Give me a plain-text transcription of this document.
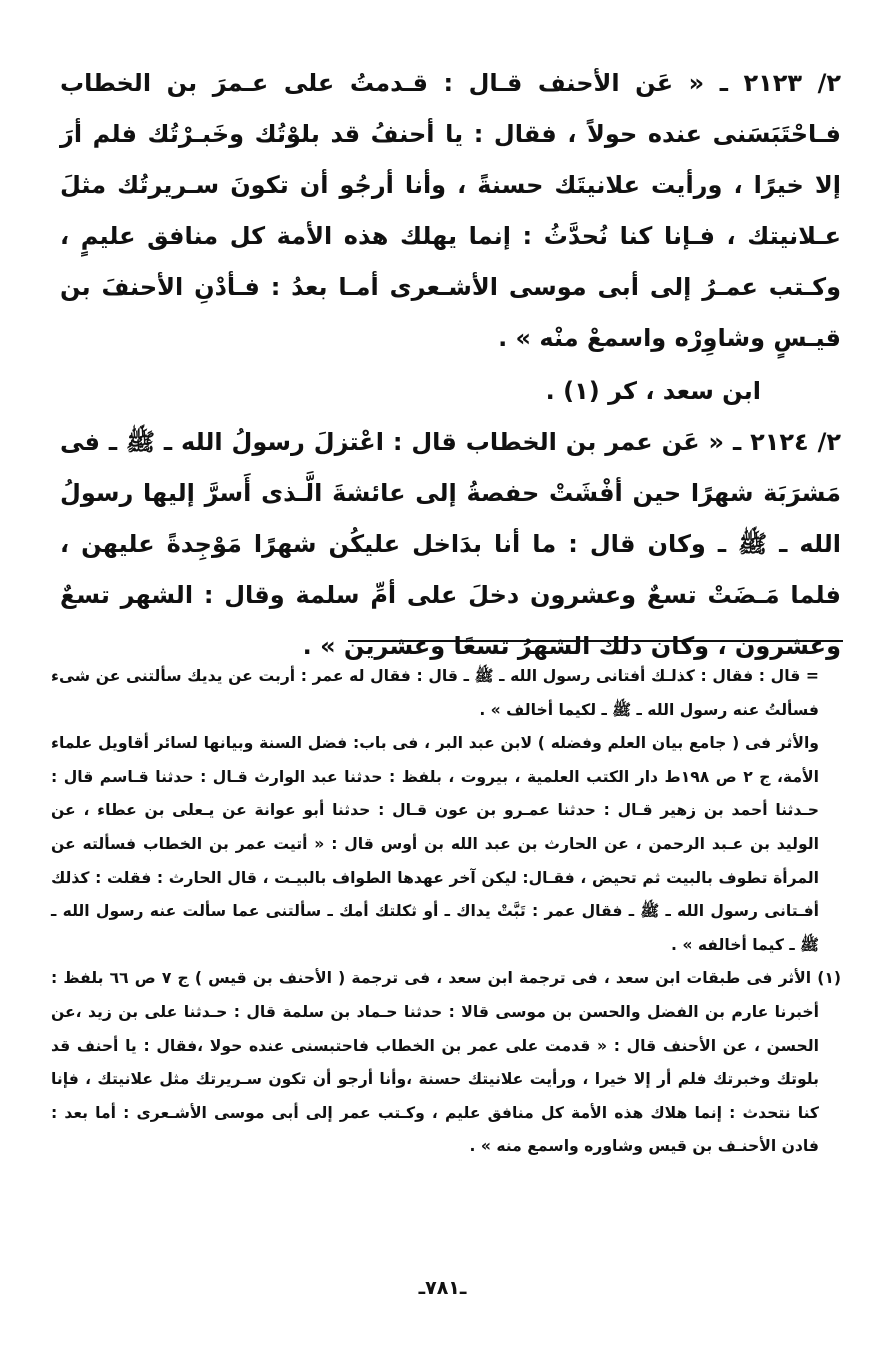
٢/ ٢١٢٣ ـ « عَن الأحنف قـال : قـدمتُ على عـمرَ بن الخطاب فـاحْتَبَسَنى عنده حولاً ، فقال : يا أحنفُ قد بلوْتُك وخَبـرْتُك فلم أرَ إلا خيرًا ، ورأيت علانيتَك حسنةً ، وأنا أرجُو أن تكونَ سـريرتُك مثلَ عـلانيتك ، فـإنا كنا نُحدَّثُ : إنما يهلك هذه الأمة كل منافق عليمٍ ، وكـتب عمـرُ إلى أبى موسى الأشـعرى أمـا بعدُ : فـأدْنِ الأحنفَ بن قيـسٍ وشاوِرْه واسمعْ منْه » .

ابن سعد ، كر (١) .

٢/ ٢١٢٤ ـ « عَن عمر بن الخطاب قال : اعْتزلَ رسولُ الله ـ ﷺ ـ فى مَشرَبَة شهرًا حين أفْشَتْ حفصةُ إلى عائشةَ الَّـذى أَسرَّ إليها رسولُ الله ـ ﷺ ـ وكان قال : ما أنا بدَاخل عليكُن شهرًا مَوْجِدةً عليهن ، فلما مَـضَتْ تسعٌ وعشرون دخلَ على أمِّ سلمة وقال : الشهر تسعٌ وعشرون ، وكان ذلك الشهرُ تسعًا وعشرين » .

= قال : فقال : كذلـك أفتانى رسول الله ـ ﷺ ـ قال : فقال له عمر : أربت عن يديك سألتنى عن شىء فسألتُ عنه رسول الله ـ ﷺ ـ لكيما أخالف » .

والأثر فى ( جامع بيان العلم وفضله ) لابن عبد البر ، فى باب: فضل السنة وبيانها لسائر أقاويل علماء الأمة، ج ٢ ص ١٩٨ط دار الكتب العلمية ، بيروت ، بلفظ : حدثنا عبد الوارث قـال : حدثنا قـاسم قال : حـدثنا أحمد بن زهير قـال : حدثنا عمـرو بن عون قـال : حدثنا أبو عوانة عن يـعلى بن عطاء ، عن الوليد بن عـبد الرحمن ، عن الحارث بن عبد الله بن أوس قال : « أتيت عمر بن الخطاب فسألته عن المرأة تطوف بالبيت ثم تحيض ، فقـال: ليكن آخر عهدها الطواف بالبيـت ، قال الحارث : فقلت : كذلك أفـتانى رسول الله ـ ﷺ ـ فقال عمر : تَبَّتْ يداك ـ أو ثكلتك أمك ـ سألتنى عما سألت عنه رسول الله ـ ﷺ ـ كيما أخالفه » .

(١) الأثر فى طبقات ابن سعد ، فى ترجمة ابن سعد ، فى ترجمة ( الأحنف بن قيس ) ج ٧ ص ٦٦ بلفظ : أخبرنا عارم بن الفضل والحسن بن موسى قالا : حدثنا حـماد بن سلمة قال : حـدثنا على بن زيد ،عن الحسن ، عن الأحنف قال : « قدمت على عمر بن الخطاب فاحتبسنى عنده حولا ،فقال : يا أحنف قد بلوتك وخبرتك فلم أر إلا خيرا ، ورأيت علانيتك حسنة ،وأنا أرجو أن تكون سـريرتك مثل علانيتك ، فإنا كنا نتحدث : إنما هلاك هذه الأمة كل منافق عليم ، وكـتب عمر إلى أبى موسى الأشـعرى : أما بعد : فادن الأحنـف بن قيس وشاوره واسمع منه » .

ـ٧٨١ـ
